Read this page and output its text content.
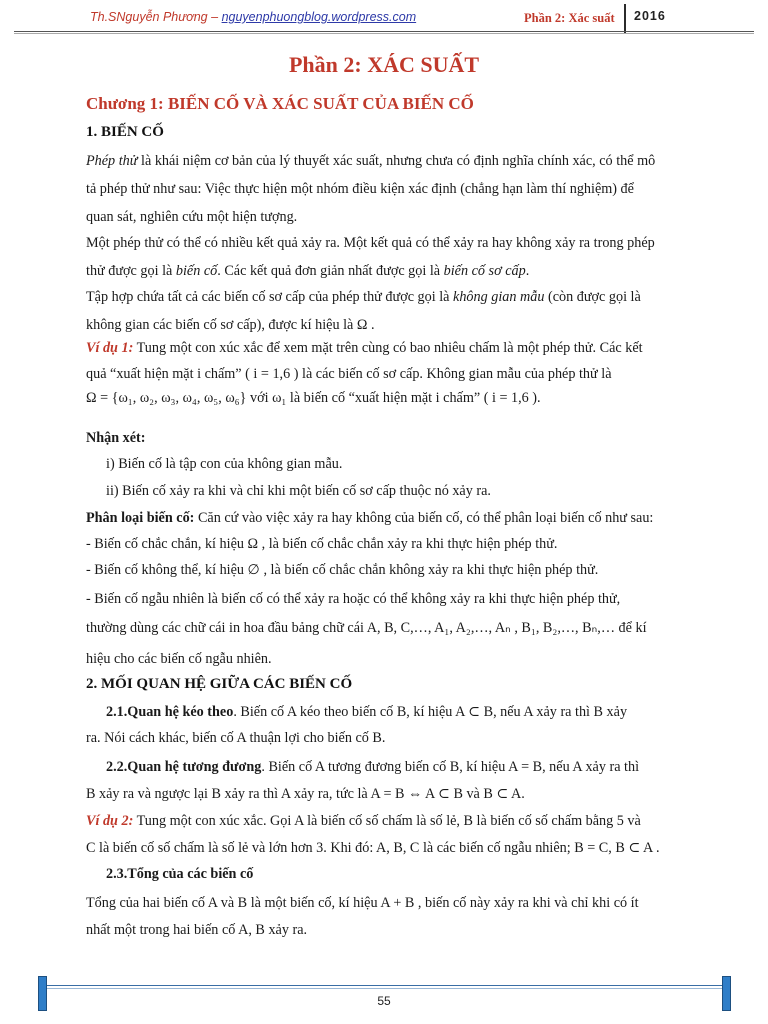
Th.SNguyễn Phương – nguyenphuongblog.wordpress.com	Phần 2: Xác suất 2016
Phần 2: XÁC SUẤT
Chương 1: BIẾN CỐ VÀ XÁC SUẤT CỦA BIẾN CỐ
1. BIẾN CỐ
Phép thử là khái niệm cơ bản của lý thuyết xác suất, nhưng chưa có định nghĩa chính xác, có thể mô
tả phép thử như sau: Việc thực hiện một nhóm điều kiện xác định (chẳng hạn làm thí nghiệm) để
quan sát, nghiên cứu một hiện tượng.
Một phép thử có thể có nhiều kết quả xảy ra. Một kết quả có thể xảy ra hay không xảy ra trong phép
thử được gọi là biến cố. Các kết quả đơn giản nhất được gọi là biến cố sơ cấp.
Tập hợp chứa tất cả các biến cố sơ cấp của phép thử được gọi là không gian mẫu (còn được gọi là
không gian các biến cố sơ cấp), được kí hiệu là Ω .
Ví dụ 1: Tung một con xúc xắc để xem mặt trên cùng có bao nhiêu chấm là một phép thử. Các kết
quả “xuất hiện mặt i chấm” ( i = 1,6 ) là các biến cố sơ cấp. Không gian mẫu của phép thử là
Ω = {ω₁, ω₂, ω₃, ω₄, ω₅, ω₆} với ω₁ là biến cố “xuất hiện mặt i chấm” ( i = 1,6 ).
Nhận xét:
i) Biến cố là tập con của không gian mẫu.
ii) Biến cố xảy ra khi và chỉ khi một biến cố sơ cấp thuộc nó xảy ra.
Phân loại biến cố: Căn cứ vào việc xảy ra hay không của biến cố, có thể phân loại biến cố như sau:
- Biến cố chắc chắn, kí hiệu Ω , là biến cố chắc chắn xảy ra khi thực hiện phép thử.
- Biến cố không thể, kí hiệu ∅ , là biến cố chắc chắn không xảy ra khi thực hiện phép thử.
- Biến cố ngẫu nhiên là biến cố có thể xảy ra hoặc có thể không xảy ra khi thực hiện phép thử,
thường dùng các chữ cái in hoa đầu bảng chữ cái A, B, C,…, A₁, A₂,…, Aₙ , B₁, B₂,…, Bₙ,… để kí
hiệu cho các biến cố ngẫu nhiên.
2. MỐI QUAN HỆ GIỮA CÁC BIẾN CỐ
2.1.Quan hệ kéo theo. Biến cố A kéo theo biến cố B, kí hiệu A ⊂ B, nếu A xảy ra thì B xảy
ra. Nói cách khác, biến cố A thuận lợi cho biến cố B.
2.2.Quan hệ tương đương. Biến cố A tương đương biến cố B, kí hiệu A = B, nếu A xảy ra thì
B xảy ra và ngược lại B xảy ra thì A xảy ra, tức là A = B ⇔ A ⊂ B và B ⊂ A.
Ví dụ 2: Tung một con xúc xắc. Gọi A là biến cố số chấm là số lẻ, B là biến cố số chấm bằng 5 và
C là biến cố số chấm là số lẻ và lớn hơn 3. Khi đó: A, B, C là các biến cố ngẫu nhiên; B = C, B ⊂ A .
2.3.Tổng của các biến cố
Tổng của hai biến cố A và B là một biến cố, kí hiệu A + B , biến cố này xảy ra khi và chỉ khi có ít
nhất một trong hai biến cố A, B xảy ra.
55
